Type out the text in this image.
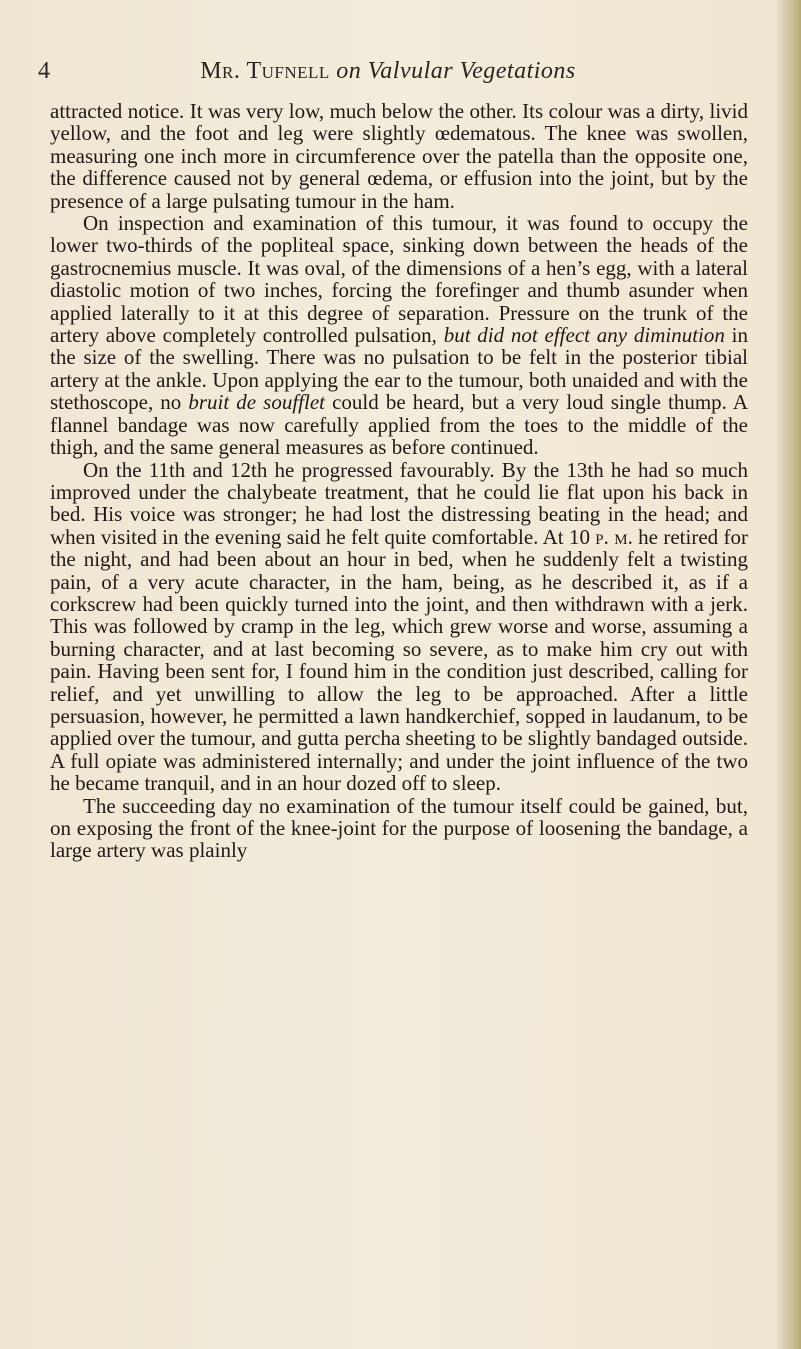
4	Mr. Tufnell on Valvular Vegetations

attracted notice. It was very low, much below the other. Its colour was a dirty, livid yellow, and the foot and leg were slightly œdematous. The knee was swollen, measuring one inch more in circumference over the patella than the opposite one, the difference caused not by general œdema, or effusion into the joint, but by the presence of a large pulsating tumour in the ham.

On inspection and examination of this tumour, it was found to occupy the lower two-thirds of the popliteal space, sinking down between the heads of the gastrocnemius muscle. It was oval, of the dimensions of a hen’s egg, with a lateral diastolic motion of two inches, forcing the forefinger and thumb asunder when applied laterally to it at this degree of separation. Pressure on the trunk of the artery above completely controlled pulsation, but did not effect any diminution in the size of the swelling. There was no pulsation to be felt in the posterior tibial artery at the ankle. Upon applying the ear to the tumour, both unaided and with the stethoscope, no bruit de soufflet could be heard, but a very loud single thump. A flannel bandage was now carefully applied from the toes to the middle of the thigh, and the same general measures as before continued.

On the 11th and 12th he progressed favourably. By the 13th he had so much improved under the chalybeate treatment, that he could lie flat upon his back in bed. His voice was stronger; he had lost the distressing beating in the head; and when visited in the evening said he felt quite comfortable. At 10 p. m. he retired for the night, and had been about an hour in bed, when he suddenly felt a twisting pain, of a very acute character, in the ham, being, as he described it, as if a corkscrew had been quickly turned into the joint, and then withdrawn with a jerk. This was followed by cramp in the leg, which grew worse and worse, assuming a burning character, and at last becoming so severe, as to make him cry out with pain. Having been sent for, I found him in the condition just described, calling for relief, and yet unwilling to allow the leg to be approached. After a little persuasion, however, he permitted a lawn handkerchief, sopped in laudanum, to be applied over the tumour, and gutta percha sheeting to be slightly bandaged outside. A full opiate was administered internally; and under the joint influence of the two he became tranquil, and in an hour dozed off to sleep.

The succeeding day no examination of the tumour itself could be gained, but, on exposing the front of the knee-joint for the purpose of loosening the bandage, a large artery was plainly
